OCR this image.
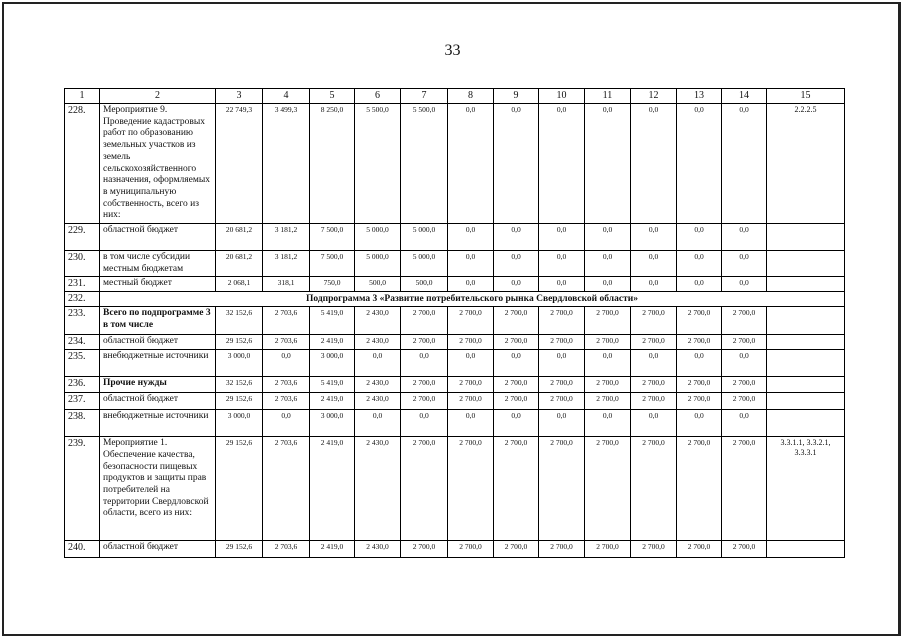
33
1	2	3	4	5	6	7	8	9	10	11	12	13	14	15
228.	Мероприятие 9. Проведение кадастровых работ по образованию земельных участков из земель сельскохозяйственного назначения, оформляемых в муниципальную собственность, всего из них:	22 749,3	3 499,3	8 250,0	5 500,0	5 500,0	0,0	0,0	0,0	0,0	0,0	0,0	0,0	2.2.2.5
229.	областной бюджет	20 681,2	3 181,2	7 500,0	5 000,0	5 000,0	0,0	0,0	0,0	0,0	0,0	0,0	0,0	
230.	в том числе субсидии местным бюджетам	20 681,2	3 181,2	7 500,0	5 000,0	5 000,0	0,0	0,0	0,0	0,0	0,0	0,0	0,0	
231.	местный бюджет	2 068,1	318,1	750,0	500,0	500,0	0,0	0,0	0,0	0,0	0,0	0,0	0,0	
232.	Подпрограмма 3 «Развитие потребительского рынка Свердловской области»													
233.	Всего по подпрограмме 3 в том числе	32 152,6	2 703,6	5 419,0	2 430,0	2 700,0	2 700,0	2 700,0	2 700,0	2 700,0	2 700,0	2 700,0	2 700,0	
234.	областной бюджет	29 152,6	2 703,6	2 419,0	2 430,0	2 700,0	2 700,0	2 700,0	2 700,0	2 700,0	2 700,0	2 700,0	2 700,0	
235.	внебюджетные источники	3 000,0	0,0	3 000,0	0,0	0,0	0,0	0,0	0,0	0,0	0,0	0,0	0,0	
236.	Прочие нужды	32 152,6	2 703,6	5 419,0	2 430,0	2 700,0	2 700,0	2 700,0	2 700,0	2 700,0	2 700,0	2 700,0	2 700,0	
237.	областной бюджет	29 152,6	2 703,6	2 419,0	2 430,0	2 700,0	2 700,0	2 700,0	2 700,0	2 700,0	2 700,0	2 700,0	2 700,0	
238.	внебюджетные источники	3 000,0	0,0	3 000,0	0,0	0,0	0,0	0,0	0,0	0,0	0,0	0,0	0,0	
239.	Мероприятие 1. Обеспечение качества, безопасности пищевых продуктов и защиты прав потребителей на территории Свердловской области, всего из них:	29 152,6	2 703,6	2 419,0	2 430,0	2 700,0	2 700,0	2 700,0	2 700,0	2 700,0	2 700,0	2 700,0	2 700,0	3.3.1.1, 3.3.2.1, 3.3.3.1
240.	областной бюджет	29 152,6	2 703,6	2 419,0	2 430,0	2 700,0	2 700,0	2 700,0	2 700,0	2 700,0	2 700,0	2 700,0	2 700,0	
